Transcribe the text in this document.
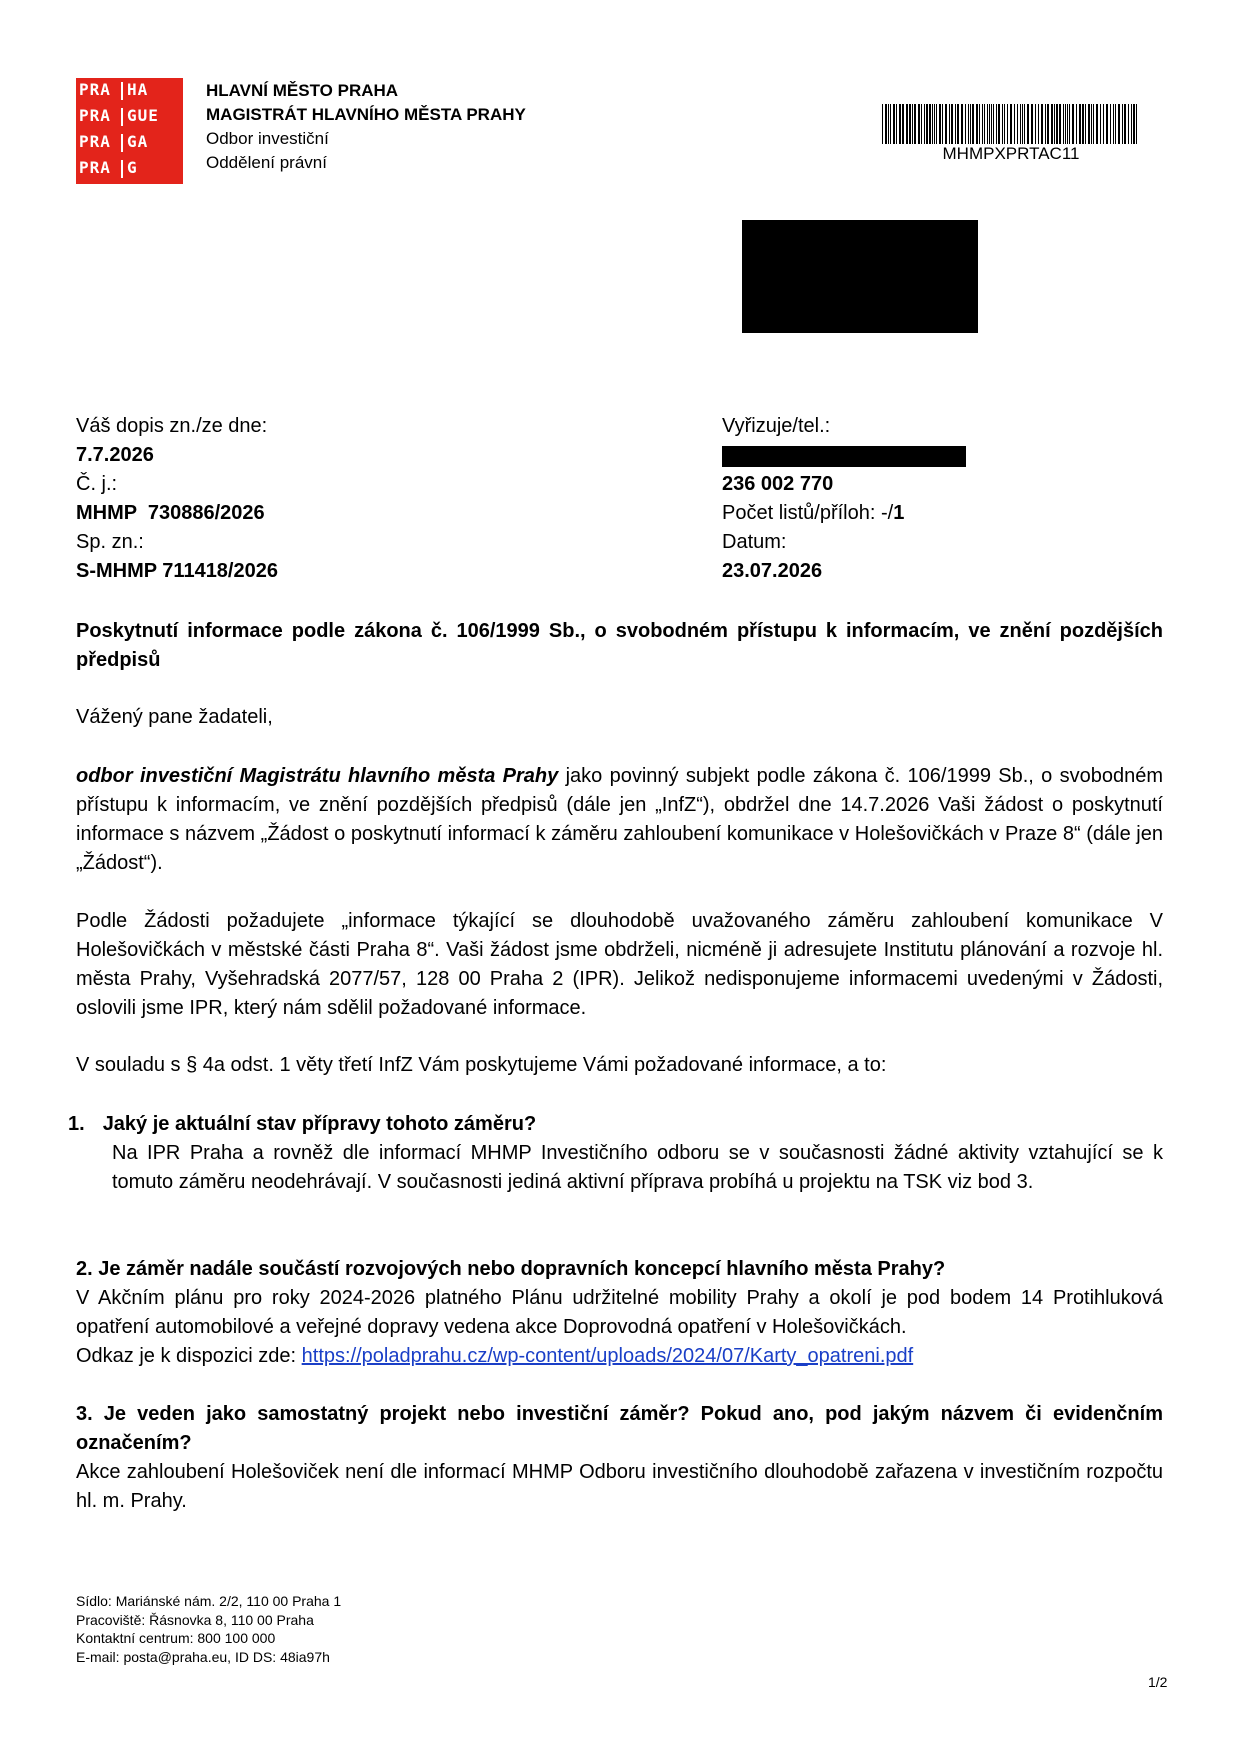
PRA	HA
PRA	GUE
PRA	GA
PRA	G
HLAVNÍ MĚSTO PRAHA
MAGISTRÁT HLAVNÍHO MĚSTA PRAHY
Odbor investiční
Oddělení právní	MHMPXPRTAC11
Váš dopis zn./ze dne:
7.7.2026
Č. j.:
MHMP  730886/2026
Sp. zn.:
S-MHMP 711418/2026
Vyřizuje/tel.:
236 002 770
Počet listů/příloh: -/1
Datum:
23.07.2026
Poskytnutí informace podle zákona č. 106/1999 Sb., o svobodném přístupu k informacím, ve znění pozdějších předpisů
Vážený pane žadateli,
odbor investiční Magistrátu hlavního města Prahy jako povinný subjekt podle zákona č. 106/1999 Sb., o svobodném přístupu k informacím, ve znění pozdějších předpisů (dále jen „InfZ“), obdržel dne 14.7.2026 Vaši žádost o poskytnutí informace s názvem „Žádost o poskytnutí informací k záměru zahloubení komunikace v Holešovičkách v Praze 8“ (dále jen „Žádost“).
Podle Žádosti požadujete „informace týkající se dlouhodobě uvažovaného záměru zahloubení komunikace V Holešovičkách v městské části Praha 8“. Vaši žádost jsme obdrželi, nicméně ji adresujete Institutu plánování a rozvoje hl. města Prahy, Vyšehradská 2077/57, 128 00 Praha 2 (IPR). Jelikož nedisponujeme informacemi uvedenými v Žádosti, oslovili jsme IPR, který nám sdělil požadované informace.
V souladu s § 4a odst. 1 věty třetí InfZ Vám poskytujeme Vámi požadované informace, a to:
1. Jaký je aktuální stav přípravy tohoto záměru?
Na IPR Praha a rovněž dle informací MHMP Investičního odboru se v současnosti žádné aktivity vztahující se k tomuto záměru neodehrávají. V současnosti jediná aktivní příprava probíhá u projektu na TSK viz bod 3.
2. Je záměr nadále součástí rozvojových nebo dopravních koncepcí hlavního města Prahy?
V Akčním plánu pro roky 2024-2026 platného Plánu udržitelné mobility Prahy a okolí je pod bodem 14 Protihluková opatření automobilové a veřejné dopravy vedena akce Doprovodná opatření v Holešovičkách.
Odkaz je k dispozici zde: https://poladprahu.cz/wp-content/uploads/2024/07/Karty_opatreni.pdf
3. Je veden jako samostatný projekt nebo investiční záměr? Pokud ano, pod jakým názvem či evidenčním označením?
Akce zahloubení Holešoviček není dle informací MHMP Odboru investičního dlouhodobě zařazena v investičním rozpočtu hl. m. Prahy.
Sídlo: Mariánské nám. 2/2, 110 00 Praha 1
Pracoviště: Řásnovka 8, 110 00 Praha
Kontaktní centrum: 800 100 000
E-mail: posta@praha.eu, ID DS: 48ia97h
1/2
